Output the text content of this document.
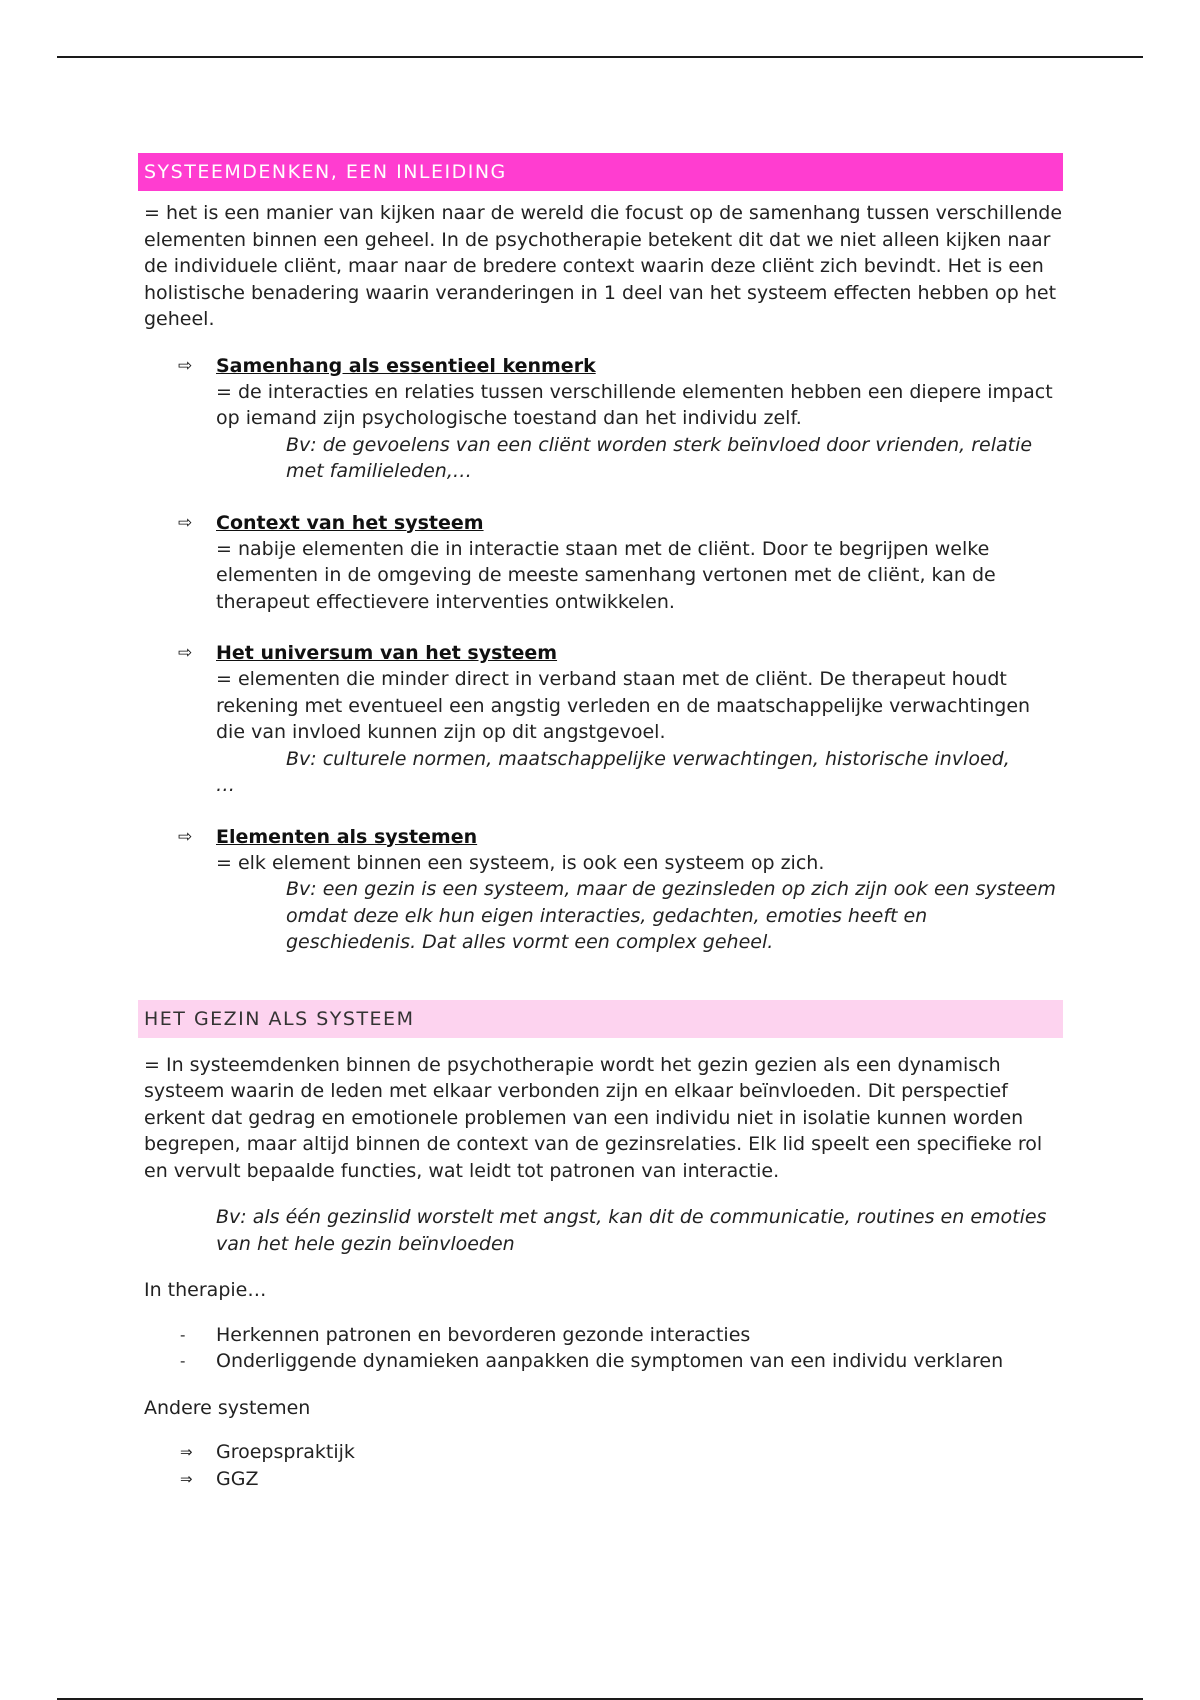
SYSTEEMDENKEN, EEN INLEIDING

= het is een manier van kijken naar de wereld die focust op de samenhang tussen verschillende elementen binnen een geheel. In de psychotherapie betekent dit dat we niet alleen kijken naar de individuele cliënt, maar naar de bredere context waarin deze cliënt zich bevindt. Het is een holistische benadering waarin veranderingen in 1 deel van het systeem effecten hebben op het geheel.

⇨ Samenhang als essentieel kenmerk
= de interacties en relaties tussen verschillende elementen hebben een diepere impact op iemand zijn psychologische toestand dan het individu zelf.
Bv: de gevoelens van een cliënt worden sterk beïnvloed door vrienden, relatie met familieleden,…
⇨ Context van het systeem
= nabije elementen die in interactie staan met de cliënt. Door te begrijpen welke elementen in de omgeving de meeste samenhang vertonen met de cliënt, kan de therapeut effectievere interventies ontwikkelen.
⇨ Het universum van het systeem
= elementen die minder direct in verband staan met de cliënt. De therapeut houdt rekening met eventueel een angstig verleden en de maatschappelijke verwachtingen die van invloed kunnen zijn op dit angstgevoel.
Bv: culturele normen, maatschappelijke verwachtingen, historische invloed,
…
⇨ Elementen als systemen
= elk element binnen een systeem, is ook een systeem op zich.
Bv: een gezin is een systeem, maar de gezinsleden op zich zijn ook een systeem omdat deze elk hun eigen interacties, gedachten, emoties heeft en geschiedenis. Dat alles vormt een complex geheel.
HET GEZIN ALS SYSTEEM

= In systeemdenken binnen de psychotherapie wordt het gezin gezien als een dynamisch systeem waarin de leden met elkaar verbonden zijn en elkaar beïnvloeden. Dit perspectief erkent dat gedrag en emotionele problemen van een individu niet in isolatie kunnen worden begrepen, maar altijd binnen de context van de gezinsrelaties. Elk lid speelt een specifieke rol en vervult bepaalde functies, wat leidt tot patronen van interactie.

Bv: als één gezinslid worstelt met angst, kan dit de communicatie, routines en emoties van het hele gezin beïnvloeden
In therapie…
- Herkennen patronen en bevorderen gezonde interacties
- Onderliggende dynamieken aanpakken die symptomen van een individu verklaren
Andere systemen
⇒ Groepspraktijk
⇒ GGZ
